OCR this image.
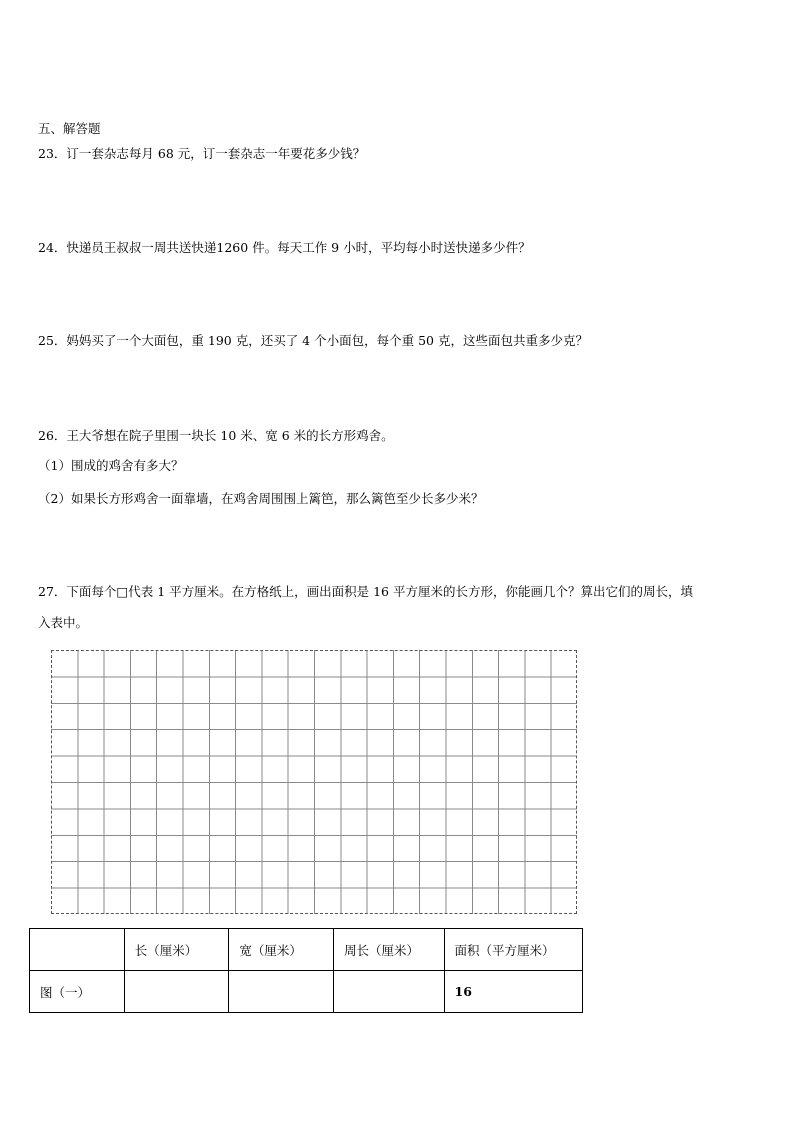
五、解答题
23．订一套杂志每月 68 元，订一套杂志一年要花多少钱？
24．快递员王叔叔一周共送快递1260 件。每天工作 9 小时，平均每小时送快递多少件？
25．妈妈买了一个大面包，重 190 克，还买了 4 个小面包，每个重 50 克，这些面包共重多少克？
26．王大爷想在院子里围一块长 10 米、宽 6 米的长方形鸡舍。
（1）围成的鸡舍有多大？
（2）如果长方形鸡舍一面靠墙，在鸡舍周围围上篱笆，那么篱笆至少长多少米？
27．下面每个□代表 1 平方厘米。在方格纸上，画出面积是 16 平方厘米的长方形，你能画几个？算出它们的周长，填
入表中。
	长（厘米）	宽（厘米）	周长（厘米）	面积（平方厘米）
图（一）				16
